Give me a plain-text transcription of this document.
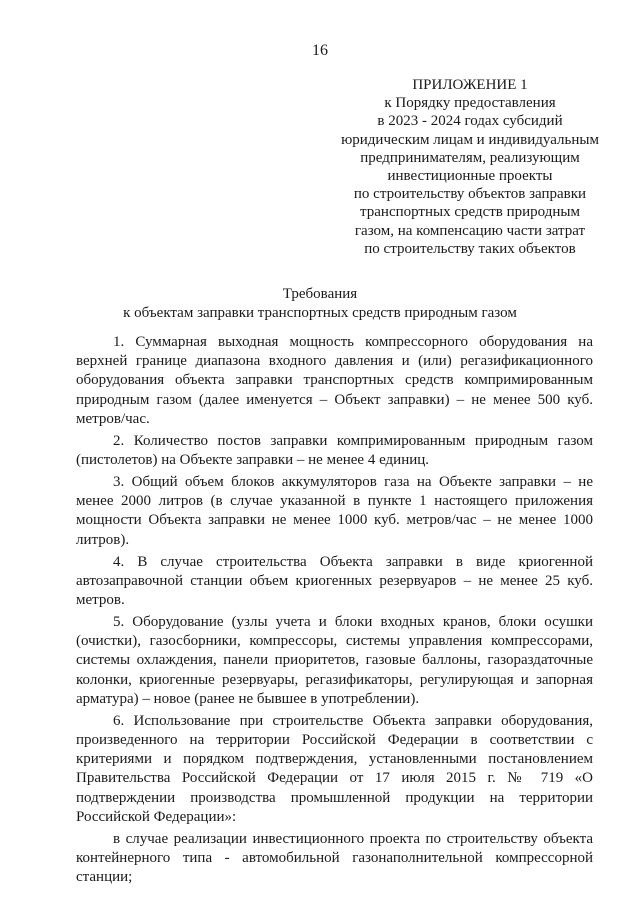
16
ПРИЛОЖЕНИЕ 1
к Порядку предоставления
в 2023 - 2024 годах субсидий
юридическим лицам и индивидуальным
предпринимателям, реализующим
инвестиционные проекты
по строительству объектов заправки
транспортных средств природным
газом, на компенсацию части затрат
по строительству таких объектов
Требования
к объектам заправки транспортных средств природным газом

1. Суммарная выходная мощность компрессорного оборудования на верхней границе диапазона входного давления и (или) регазификационного оборудования объекта заправки транспортных средств компримированным природным газом (далее именуется – Объект заправки) – не менее 500 куб. метров/час.

2. Количество постов заправки компримированным природным газом (пистолетов) на Объекте заправки – не менее 4 единиц.

3. Общий объем блоков аккумуляторов газа на Объекте заправки – не менее 2000 литров (в случае указанной в пункте 1 настоящего приложения мощности Объекта заправки не менее 1000 куб. метров/час – не менее 1000 литров).

4. В случае строительства Объекта заправки в виде криогенной автозаправочной станции объем криогенных резервуаров – не менее 25 куб. метров.

5. Оборудование (узлы учета и блоки входных кранов, блоки осушки (очистки), газосборники, компрессоры, системы управления компрессорами, системы охлаждения, панели приоритетов, газовые баллоны, газораздаточные колонки, криогенные резервуары, регазификаторы, регулирующая и запорная арматура) – новое (ранее не бывшее в употреблении).

6. Использование при строительстве Объекта заправки оборудования, произведенного на территории Российской Федерации в соответствии с критериями и порядком подтверждения, установленными постановлением Правительства Российской Федерации от 17 июля 2015 г. № 719 «О подтверждении производства промышленной продукции на территории Российской Федерации»:

в случае реализации инвестиционного проекта по строительству объекта контейнерного типа - автомобильной газонаполнительной компрессорной станции;
